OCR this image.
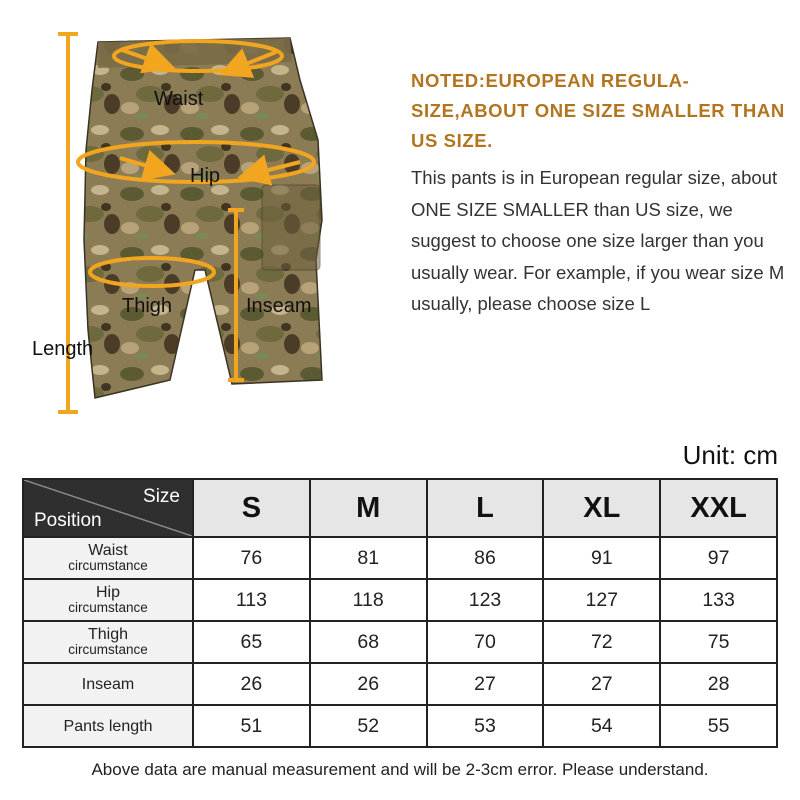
Waist
Hip
Thigh	Inseam
Length
NOTED:EUROPEAN REGULA-SIZE,ABOUT ONE SIZE SMALLER THAN US SIZE.
This pants is in European regular size, about ONE SIZE SMALLER than US size, we suggest to choose one size larger than you usually wear. For example, if you wear size M usually, please choose size L
Unit: cm
Size
Position	S	M	L	XL	XXL
Waist
circumstance	76	81	86	91	97
Hip
circumstance	113	118	123	127	133
Thigh
circumstance	65	68	70	72	75
Inseam	26	26	27	27	28
Pants length	51	52	53	54	55
Above data are manual measurement and will be 2-3cm error. Please understand.
